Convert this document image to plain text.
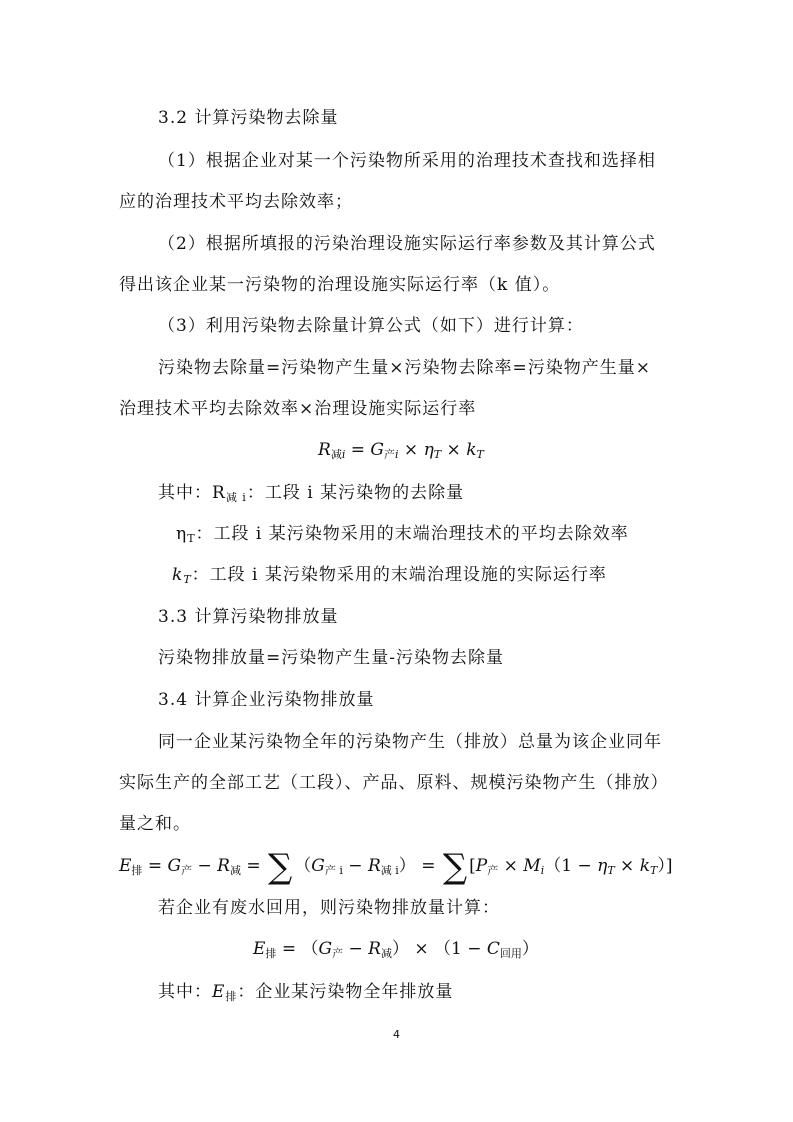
3.2 计算污染物去除量
（1）根据企业对某一个污染物所采用的治理技术查找和选择相
应的治理技术平均去除效率；
（2）根据所填报的污染治理设施实际运行率参数及其计算公式
得出该企业某一污染物的治理设施实际运行率（k 值）。
（3）利用污染物去除量计算公式（如下）进行计算：
污染物去除量=污染物产生量×污染物去除率=污染物产生量×
治理技术平均去除效率×治理设施实际运行率
$R_{减i} = G_{产i} \times \eta_T \times k_T$
其中：$R_{减 i}$：工段 i 某污染物的去除量
$\eta_T$：工段 i 某污染物采用的末端治理技术的平均去除效率
$k_T$：工段 i 某污染物采用的末端治理设施的实际运行率
3.3 计算污染物排放量
污染物排放量=污染物产生量-污染物去除量
3.4 计算企业污染物排放量
同一企业某污染物全年的污染物产生（排放）总量为该企业同年
实际生产的全部工艺（工段）、产品、原料、规模污染物产生（排放）
量之和。
$E_排 = G_产 - R_减$ = ∑ $(G_{产 i} - R_{减 i})$ = ∑ $[P_产 \times M_i(1 - \eta_T \times k_T)]$
若企业有废水回用，则污染物排放量计算：
$E_排 = (G_产 - R_减) \times (1 - C_{回用})$
其中：$E_排$：企业某污染物全年排放量
4
